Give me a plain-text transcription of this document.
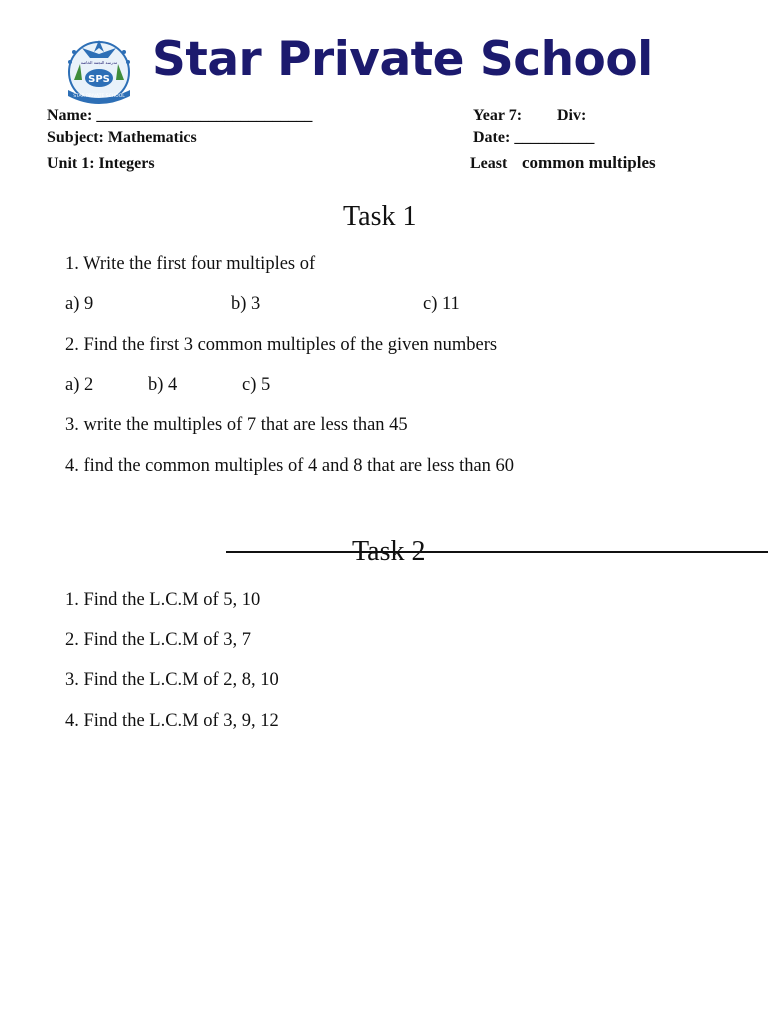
SPS
STAR PRIVATE SCHOOL
مدرسة النجمة الخاصة Star Private School
Name: ___________________________	Year 7: Div:
Subject: Mathematics	Date: __________
Unit 1: Integers	Least common multiples
Task 1
1. Write the first four multiples of
a) 9	b) 3	c) 11
2. Find the first 3 common multiples of the given numbers
a) 2	b) 4	c) 5
3. write the multiples of 7 that are less than 45
4. find the common multiples of 4 and 8 that are less than 60
Task 2
1. Find the L.C.M of 5, 10
2. Find the L.C.M of 3, 7
3. Find the L.C.M of 2, 8, 10
4. Find the L.C.M of 3, 9, 12
